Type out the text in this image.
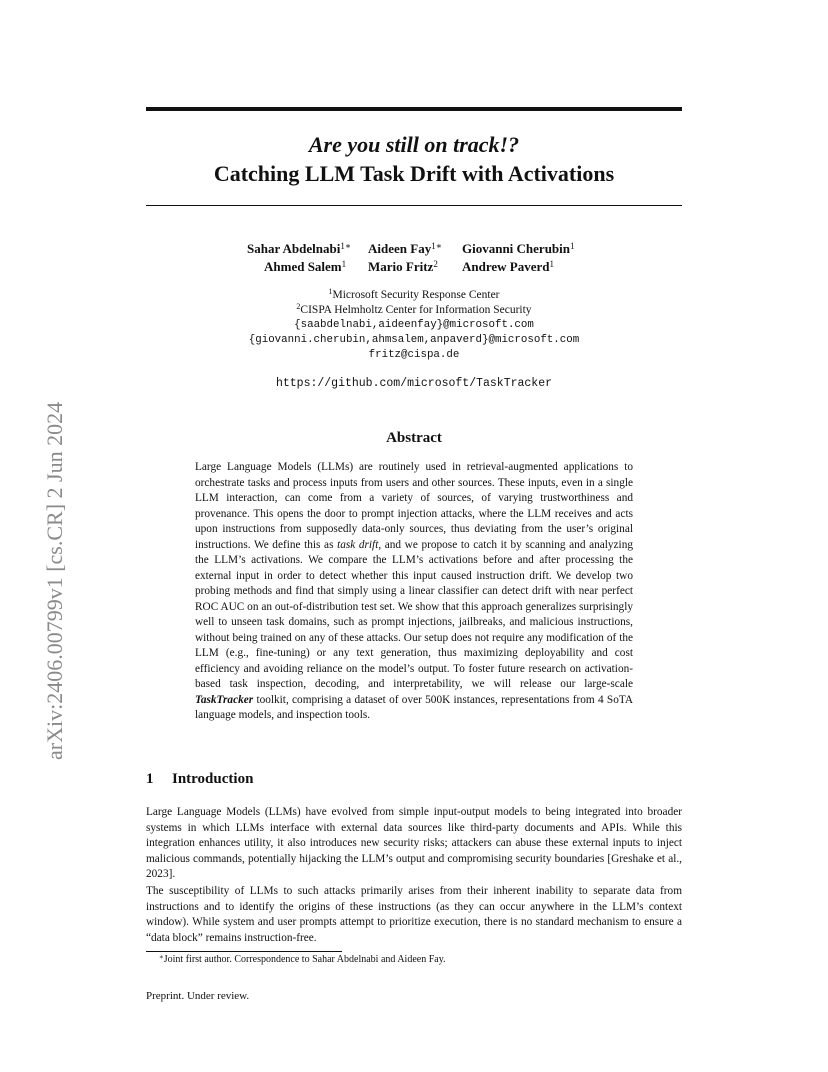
arXiv:2406.00799v1 [cs.CR] 2 Jun 2024
Are you still on track!?
Catching LLM Task Drift with Activations
Sahar Abdelnabi$^{1∗}$ Aideen Fay$^{1∗}$ Giovanni Cherubin$^1$
Ahmed Salem$^1$ Mario Fritz$^2$ Andrew Paverd$^1$
$^1$Microsoft Security Response Center
$^2$CISPA Helmholtz Center for Information Security
{saabdelnabi,aideenfay}@microsoft.com
{giovanni.cherubin,ahmsalem,anpaverd}@microsoft.com
fritz@cispa.de
https://github.com/microsoft/TaskTracker
Abstract
Large Language Models (LLMs) are routinely used in retrieval-augmented applications to orchestrate tasks and process inputs from users and other sources. These inputs, even in a single LLM interaction, can come from a variety of sources, of varying trustworthiness and provenance. This opens the door to prompt injection attacks, where the LLM receives and acts upon instructions from supposedly data-only sources, thus deviating from the user’s original instructions. We define this as task drift, and we propose to catch it by scanning and analyzing the LLM’s activations. We compare the LLM’s activations before and after processing the external input in order to detect whether this input caused instruction drift. We develop two probing methods and find that simply using a linear classifier can detect drift with near perfect ROC AUC on an out-of-distribution test set. We show that this approach generalizes surprisingly well to unseen task domains, such as prompt injections, jailbreaks, and malicious instructions, without being trained on any of these attacks. Our setup does not require any modification of the LLM (e.g., fine-tuning) or any text generation, thus maximizing deployability and cost efficiency and avoiding reliance on the model’s output. To foster future research on activation-based task inspection, decoding, and interpretability, we will release our large-scale TaskTracker toolkit, comprising a dataset of over 500K instances, representations from 4 SoTA language models, and inspection tools.
1 Introduction
Large Language Models (LLMs) have evolved from simple input-output models to being integrated into broader systems in which LLMs interface with external data sources like third-party documents and APIs. While this integration enhances utility, it also introduces new security risks; attackers can abuse these external inputs to inject malicious commands, potentially hijacking the LLM’s output and compromising security boundaries [Greshake et al., 2023].
The susceptibility of LLMs to such attacks primarily arises from their inherent inability to separate data from instructions and to identify the origins of these instructions (as they can occur anywhere in the LLM’s context window). While system and user prompts attempt to prioritize execution, there is no standard mechanism to ensure a “data block” remains instruction-free.
∗Joint first author. Correspondence to Sahar Abdelnabi and Aideen Fay.
Preprint. Under review.
